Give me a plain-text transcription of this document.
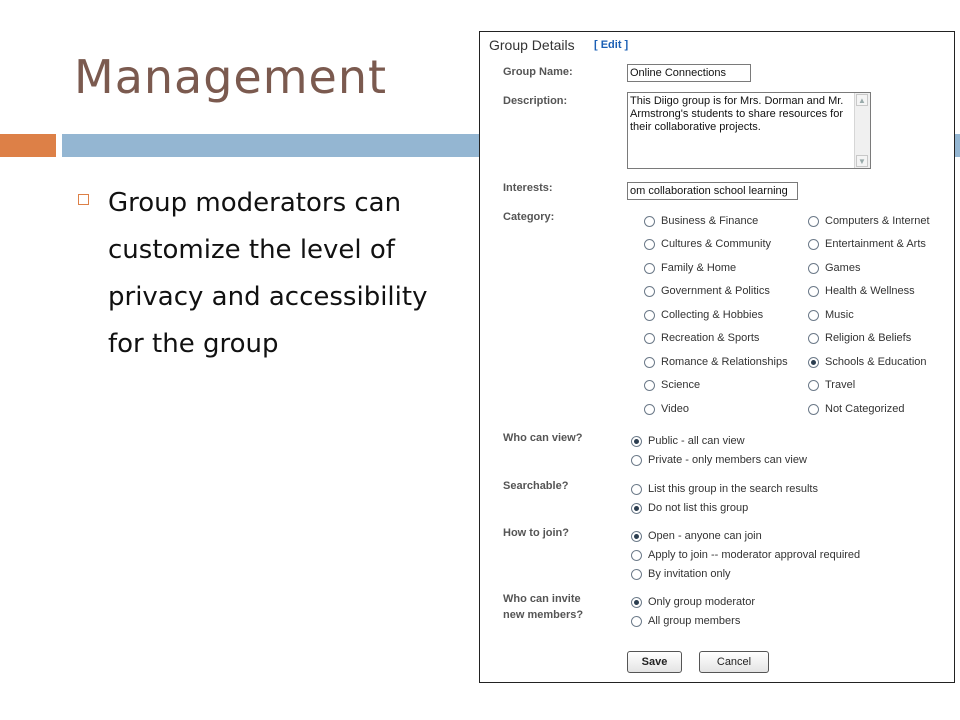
Management

Group moderators can customize the level of privacy and accessibility for the group

Group Details [ Edit ]
Group Name:	Online Connections
Description:	This Diigo group is for Mrs. Dorman and Mr. Armstrong's students to share resources for their collaborative projects.
▲
▼
Interests:	om collaboration school learning
Category:	Business & Finance	Computers & Internet
Cultures & Community	Entertainment & Arts
Family & Home	Games
Government & Politics	Health & Wellness
Collecting & Hobbies	Music
Recreation & Sports	Religion & Beliefs
Romance & Relationships	Schools & Education
Science	Travel
Video	Not Categorized
Who can view?	Public - all can view
Private - only members can view
Searchable?	List this group in the search results
Do not list this group
How to join?	Open - anyone can join
Apply to join -- moderator approval required
By invitation only
Who can invite
new members?
Only group moderator
All group members
Save	Cancel
